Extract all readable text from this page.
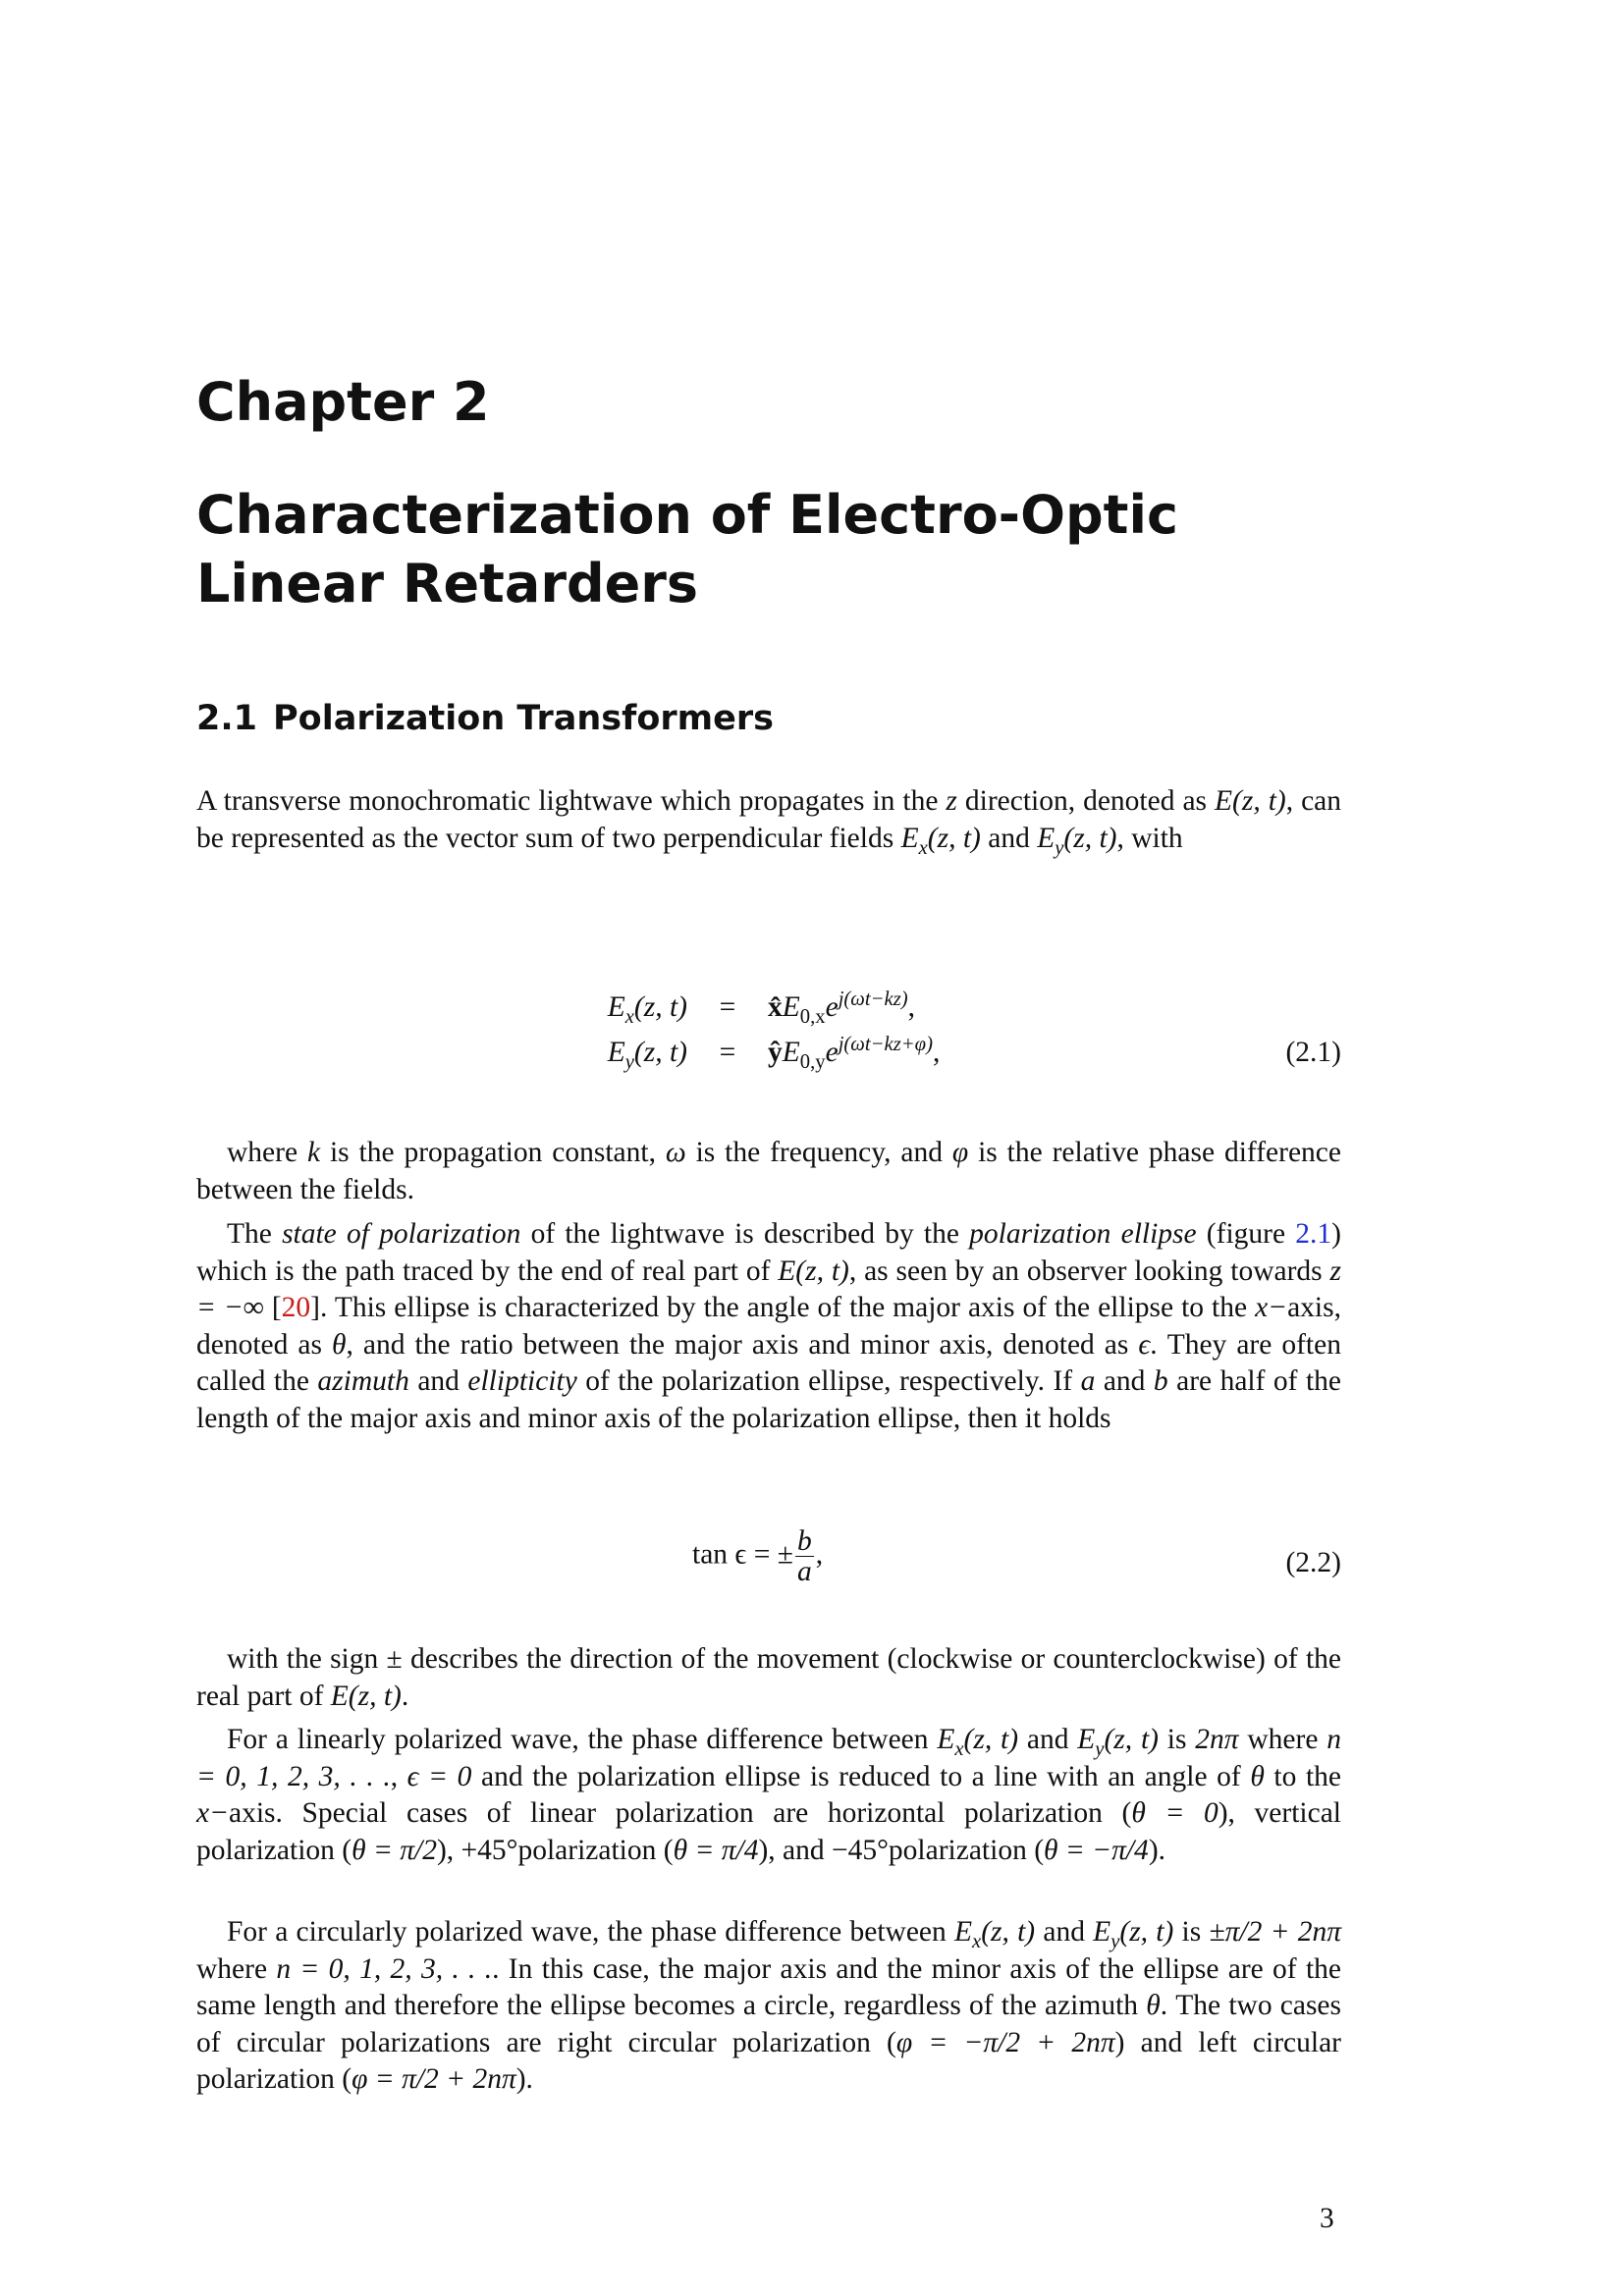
Chapter 2
Characterization of Electro-Optic Linear Retarders
2.1 Polarization Transformers

A transverse monochromatic lightwave which propagates in the z direction, denoted as E(z, t), can be represented as the vector sum of two perpendicular fields $E_x(z$, t) and $E_y(z$, t), with

$E_x(z$, $t) = x̂E_{0,x}e^{j(\omega t-kz)}$,
$E_y(z$, $t) = ŷE_{0,y}e^{j(\omega t-kz+\varphi)}$,	(2.1)

where k is the propagation constant, ω is the frequency, and φ is the relative phase difference between the fields.

The state of polarization of the lightwave is described by the polarization ellipse (figure 2.1) which is the path traced by the end of real part of E(z, t), as seen by an observer looking towards z = −∞ [20]. This ellipse is characterized by the angle of the major axis of the ellipse to the x−axis, denoted as θ, and the ratio between the major axis and minor axis, denoted as ϵ. They are often called the azimuth and ellipticity of the polarization ellipse, respectively. If a and b are half of the length of the major axis and minor axis of the polarization ellipse, then it holds

tan ϵ = ± $\frac{b}{a}$ ,	(2.2)

with the sign ± describes the direction of the movement (clockwise or counterclockwise) of the real part of E(z, t).

For a linearly polarized wave, the phase difference between $E_x(z$, t) and $E_y(z$, t) is 2nπ where n = 0, 1, 2, 3, . . ., ϵ = 0 and the polarization ellipse is reduced to a line with an angle of θ to the x−axis. Special cases of linear polarization are horizontal polarization (θ = 0), vertical polarization (θ = π/2), +45°polarization (θ = π/4), and −45°polarization (θ = −π/4).

For a circularly polarized wave, the phase difference between $E_x(z$, t) and $E_y(z$, t) is ±π/2 + 2nπ where n = 0, 1, 2, 3, . . .. In this case, the major axis and the minor axis of the ellipse are of the same length and therefore the ellipse becomes a circle, regardless of the azimuth θ. The two cases of circular polarizations are right circular polarization (φ = −π/2 + 2nπ) and left circular polarization (φ = π/2 + 2nπ).

3
